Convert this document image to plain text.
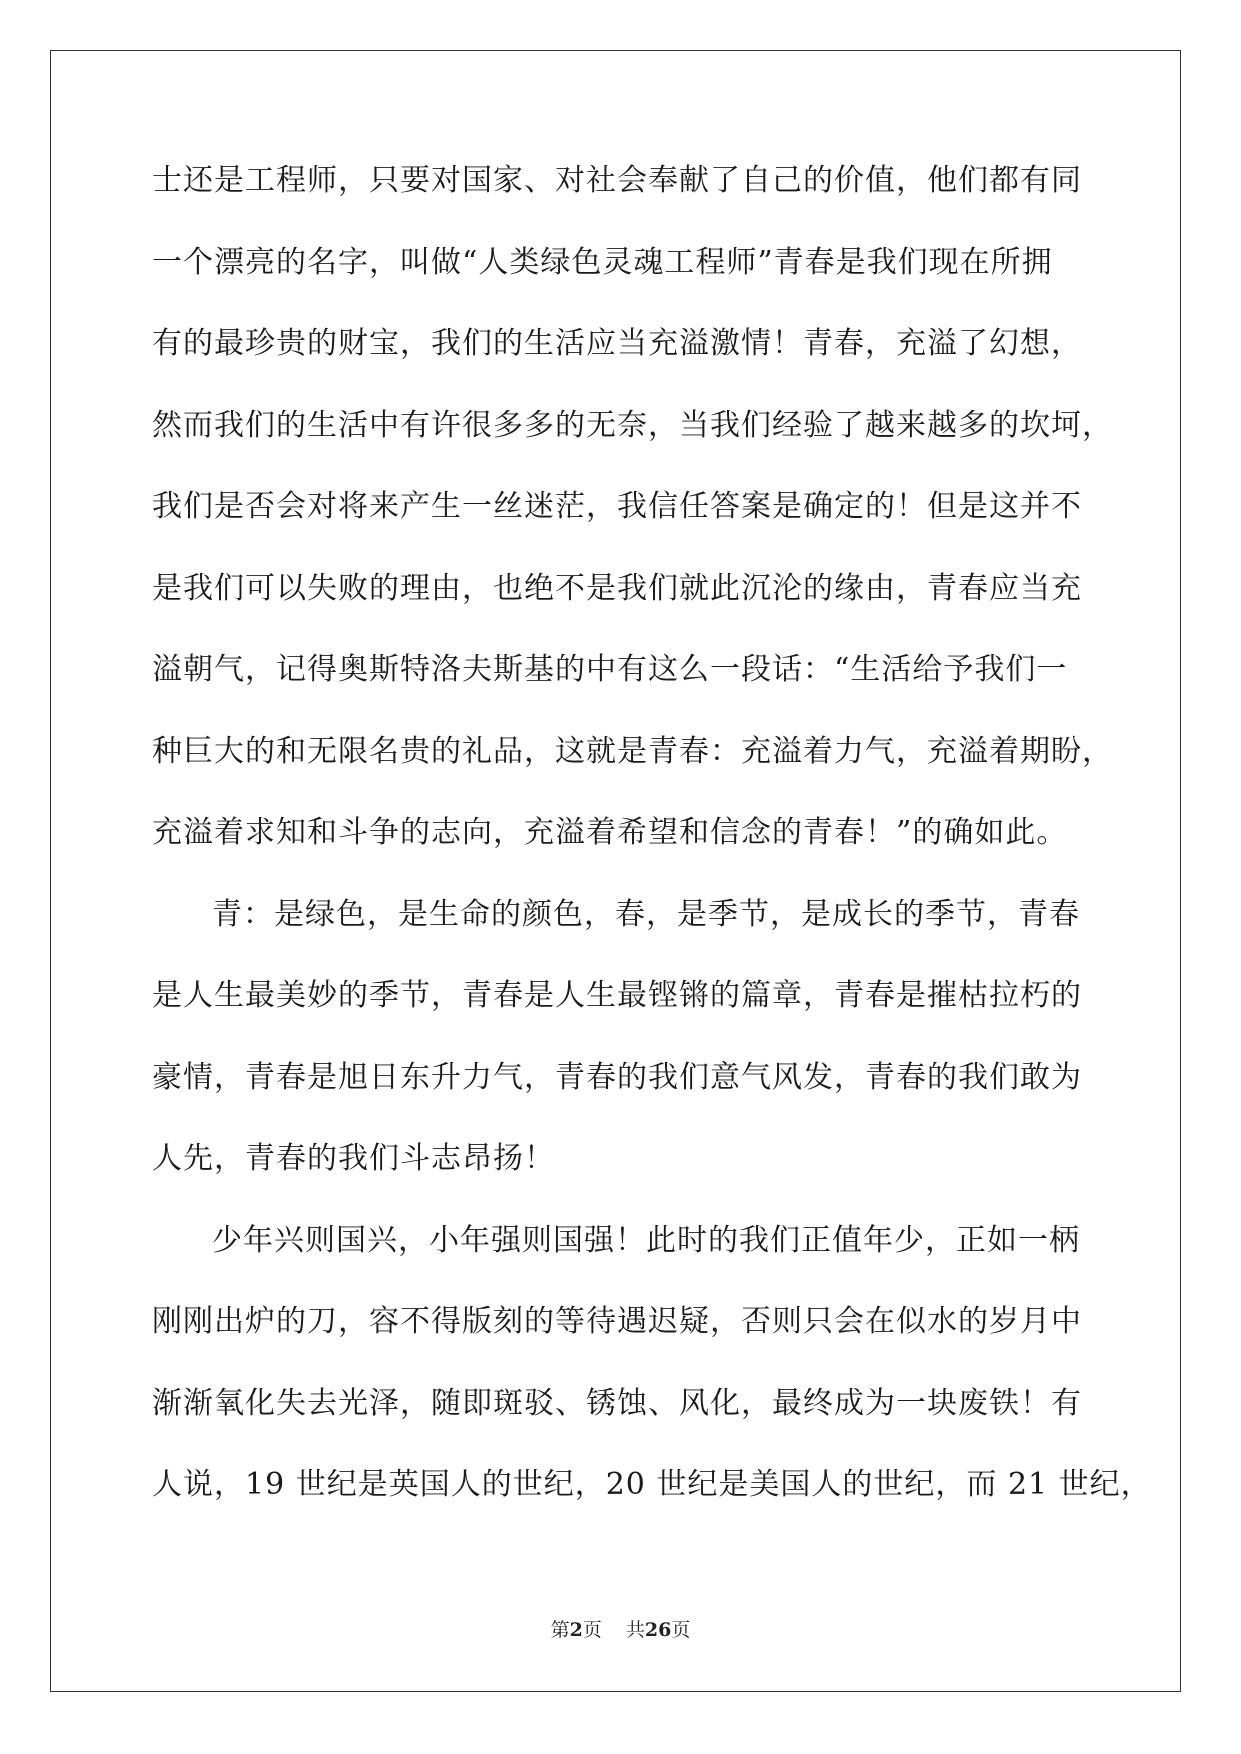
士还是工程师，只要对国家、对社会奉献了自己的价值，他们都有同
一个漂亮的名字，叫做“人类绿色灵魂工程师”青春是我们现在所拥
有的最珍贵的财宝，我们的生活应当充溢激情！青春，充溢了幻想，
然而我们的生活中有许很多多的无奈，当我们经验了越来越多的坎坷，
我们是否会对将来产生一丝迷茫，我信任答案是确定的！但是这并不
是我们可以失败的理由，也绝不是我们就此沉沦的缘由，青春应当充
溢朝气，记得奥斯特洛夫斯基的中有这么一段话：“生活给予我们一
种巨大的和无限名贵的礼品，这就是青春：充溢着力气，充溢着期盼，
充溢着求知和斗争的志向，充溢着希望和信念的青春！”的确如此。
青：是绿色，是生命的颜色，春，是季节，是成长的季节，青春
是人生最美妙的季节，青春是人生最铿锵的篇章，青春是摧枯拉朽的
豪情，青春是旭日东升力气，青春的我们意气风发，青春的我们敢为
人先，青春的我们斗志昂扬！
少年兴则国兴，小年强则国强！此时的我们正值年少，正如一柄
刚刚出炉的刀，容不得版刻的等待遇迟疑，否则只会在似水的岁月中
渐渐氧化失去光泽，随即斑驳、锈蚀、风化，最终成为一块废铁！有
人说，19 世纪是英国人的世纪，20 世纪是美国人的世纪，而 21 世纪，
第2页 共26页
